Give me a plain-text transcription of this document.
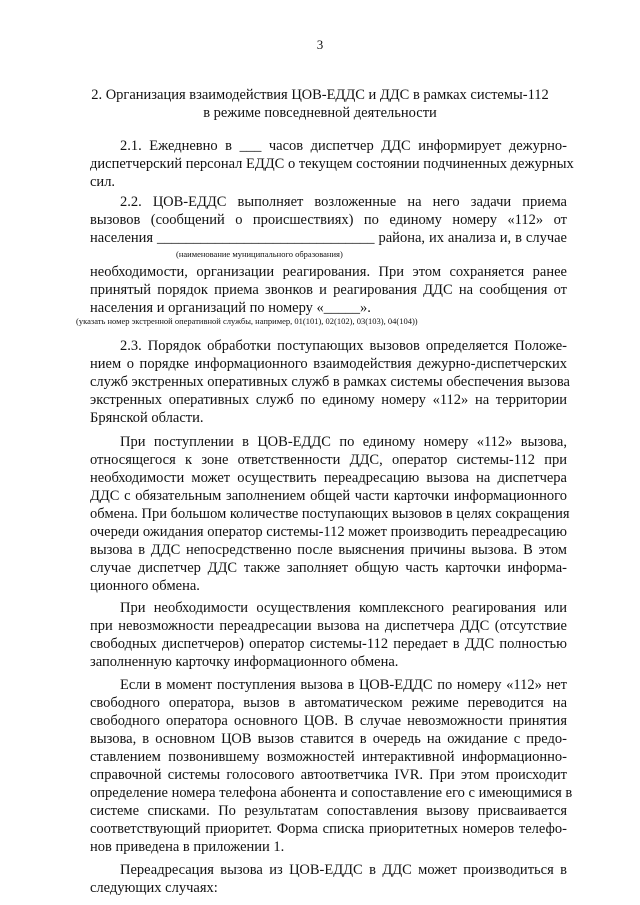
3
2. Организация взаимодействия ЦОВ-ЕДДС и ДДС в рамках системы-112
в режиме повседневной деятельности
2.1. Ежедневно в ___ часов диспетчер ДДС информирует дежурно-
диспетчерский персонал ЕДДС о текущем состоянии подчиненных дежурных
сил.
2.2. ЦОВ-ЕДДС выполняет возложенные на него задачи приема
вызовов (сообщений о происшествиях) по единому номеру «112» от
населения ______________________________ района, их анализа и, в случае
(наименование муниципального образования)
необходимости, организации реагирования. При этом сохраняется ранее
принятый порядок приема звонков и реагирования ДДС на сообщения от
населения и организаций по номеру «_____».
(указать номер экстренной оперативной службы, например, 01(101), 02(102), 03(103), 04(104))
2.3. Порядок обработки поступающих вызовов определяется Положе-
нием о порядке информационного взаимодействия дежурно-диспетчерских
служб экстренных оперативных служб в рамках системы обеспечения вызова
экстренных оперативных служб по единому номеру «112» на территории
Брянской области.
При поступлении в ЦОВ-ЕДДС по единому номеру «112» вызова,
относящегося к зоне ответственности ДДС, оператор системы-112 при
необходимости может осуществить переадресацию вызова на диспетчера
ДДС с обязательным заполнением общей части карточки информационного
обмена. При большом количестве поступающих вызовов в целях сокращения
очереди ожидания оператор системы-112 может производить переадресацию
вызова в ДДС непосредственно после выяснения причины вызова. В этом
случае диспетчер ДДС также заполняет общую часть карточки информа-
ционного обмена.
При необходимости осуществления комплексного реагирования или
при невозможности переадресации вызова на диспетчера ДДС (отсутствие
свободных диспетчеров) оператор системы-112 передает в ДДС полностью
заполненную карточку информационного обмена.
Если в момент поступления вызова в ЦОВ-ЕДДС по номеру «112» нет
свободного оператора, вызов в автоматическом режиме переводится на
свободного оператора основного ЦОВ. В случае невозможности принятия
вызова, в основном ЦОВ вызов ставится в очередь на ожидание с предо-
ставлением позвонившему возможностей интерактивной информационно-
справочной системы голосового автоответчика IVR. При этом происходит
определение номера телефона абонента и сопоставление его с имеющимися в
системе списками. По результатам сопоставления вызову присваивается
соответствующий приоритет. Форма списка приоритетных номеров телефо-
нов приведена в приложении 1.
Переадресация вызова из ЦОВ-ЕДДС в ДДС может производиться в
следующих случаях:
